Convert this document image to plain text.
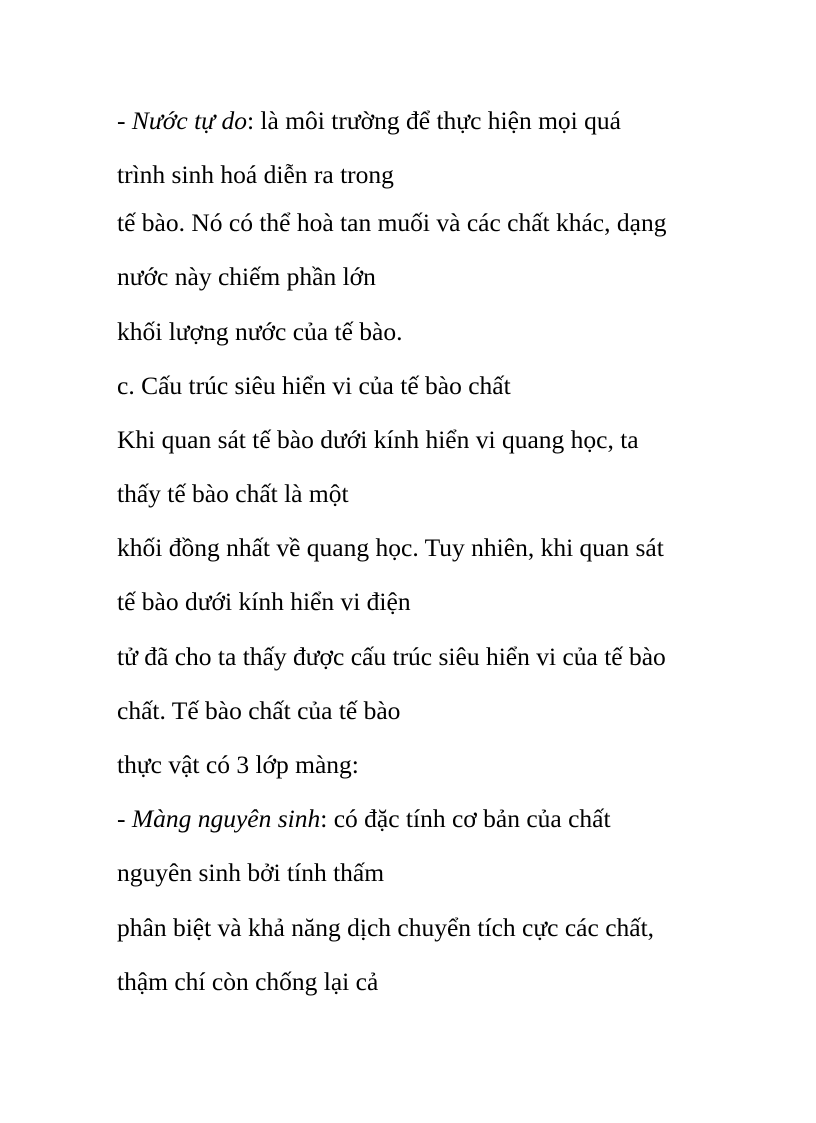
- Nước tự do: là môi trường để thực hiện mọi quá
trình sinh hoá diễn ra trong
tế bào. Nó có thể hoà tan muối và các chất khác, dạng
nước này chiếm phần lớn
khối lượng nước của tế bào.
c. Cấu trúc siêu hiển vi của tế bào chất
Khi quan sát tế bào dưới kính hiển vi quang học, ta
thấy tế bào chất là một
khối đồng nhất về quang học. Tuy nhiên, khi quan sát
tế bào dưới kính hiển vi điện
tử đã cho ta thấy được cấu trúc siêu hiển vi của tế bào
chất. Tế bào chất của tế bào
thực vật có 3 lớp màng:
- Màng nguyên sinh: có đặc tính cơ bản của chất
nguyên sinh bởi tính thấm
phân biệt và khả năng dịch chuyển tích cực các chất,
thậm chí còn chống lại cả
